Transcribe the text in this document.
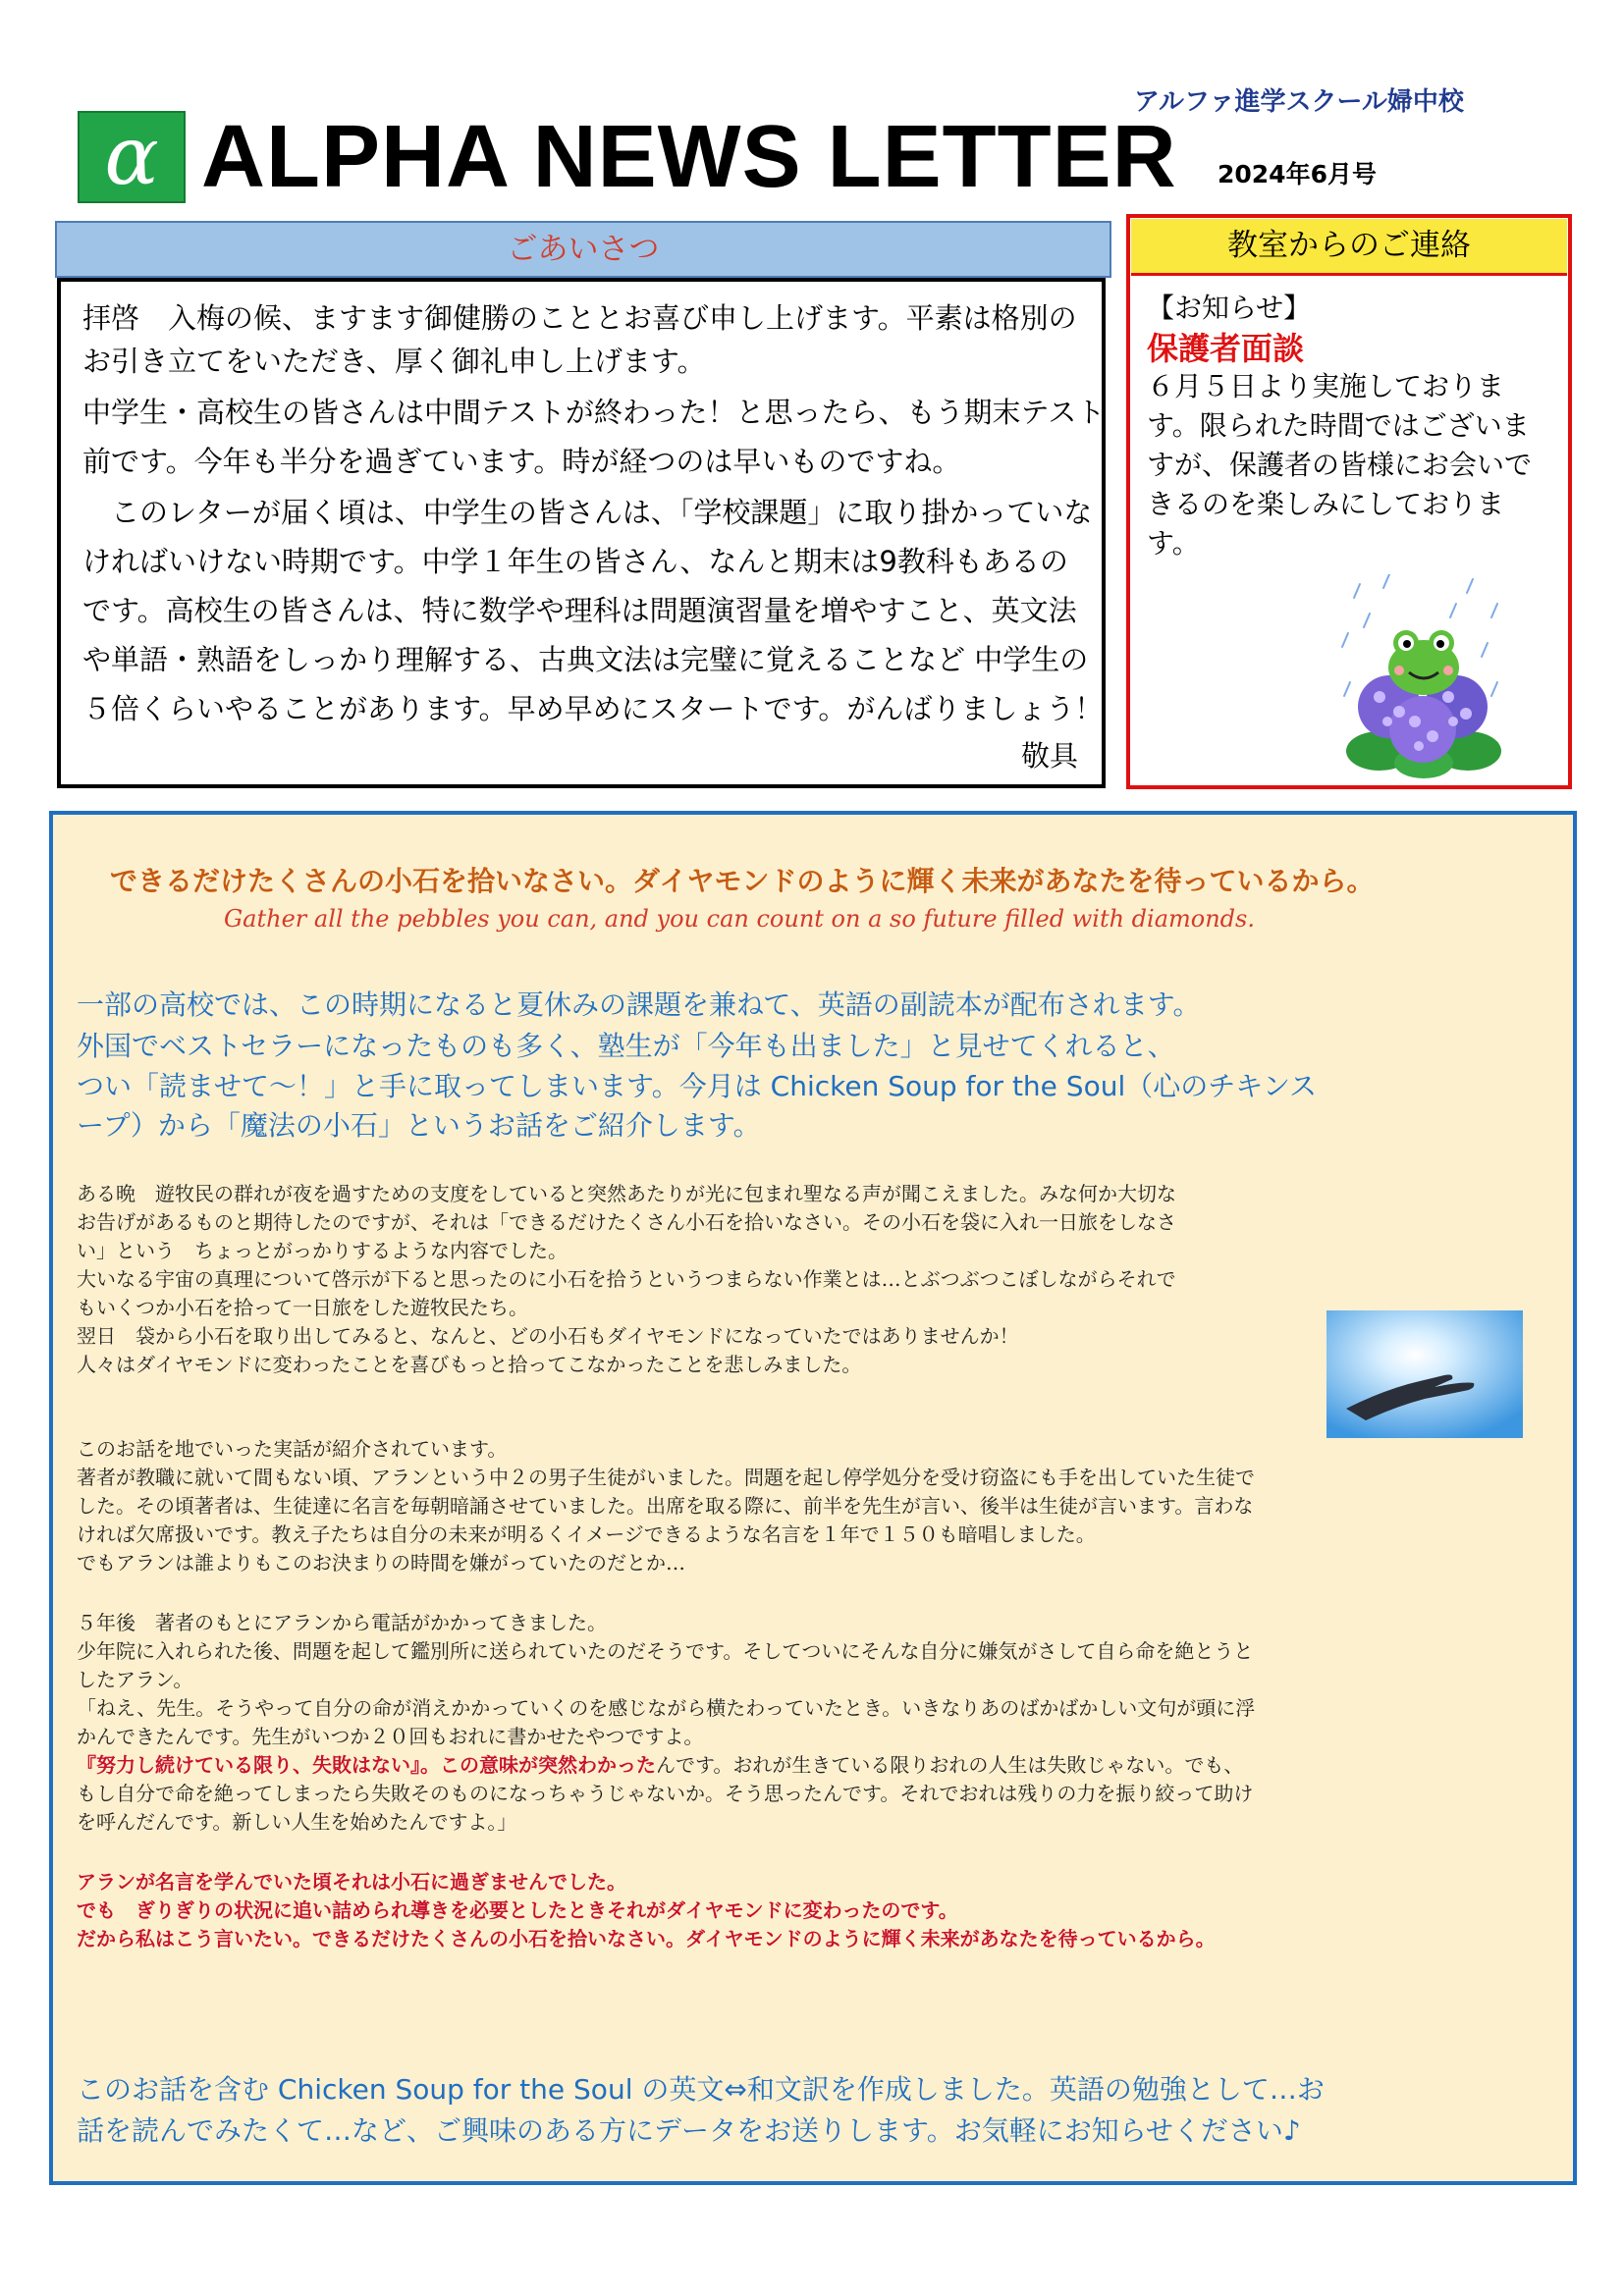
アルファ進学スクール婦中校
α ALPHA NEWS LETTER 2024年6月号
ごあいさつ
拝啓　入梅の候、ますます御健勝のこととお喜び申し上げます。平素は格別の
お引き立てをいただき、厚く御礼申し上げます。
中学生・高校生の皆さんは中間テストが終わった！と思ったら、もう期末テスト
前です。今年も半分を過ぎています。時が経つのは早いものですね。
　このレターが届く頃は、中学生の皆さんは、「学校課題」に取り掛かっていな
ければいけない時期です。中学１年生の皆さん、なんと期末は9教科もあるの
です。高校生の皆さんは、特に数学や理科は問題演習量を増やすこと、英文法
や単語・熟語をしっかり理解する、古典文法は完璧に覚えることなど 中学生の
５倍くらいやることがあります。早め早めにスタートです。がんばりましょう！
敬具
教室からのご連絡
【お知らせ】
保護者面談
６月５日より実施しておりま
す。限られた時間ではございま
すが、保護者の皆様にお会いで
きるのを楽しみにしておりま
す。
できるだけたくさんの小石を拾いなさい。ダイヤモンドのように輝く未来があなたを待っているから。
Gather all the pebbles you can, and you can count on a so future filled with diamonds.
一部の高校では、この時期になると夏休みの課題を兼ねて、英語の副読本が配布されます。
外国でベストセラーになったものも多く、塾生が「今年も出ました」と見せてくれると、
つい「読ませて～！」と手に取ってしまいます。今月は Chicken Soup for the Soul（心のチキンス
ープ）から「魔法の小石」というお話をご紹介します。
ある晩　遊牧民の群れが夜を過すための支度をしていると突然あたりが光に包まれ聖なる声が聞こえました。みな何か大切な
お告げがあるものと期待したのですが、それは「できるだけたくさん小石を拾いなさい。その小石を袋に入れ一日旅をしなさ
い」という　ちょっとがっかりするような内容でした。
大いなる宇宙の真理について啓示が下ると思ったのに小石を拾うというつまらない作業とは…とぶつぶつこぼしながらそれで
もいくつか小石を拾って一日旅をした遊牧民たち。
翌日　袋から小石を取り出してみると、なんと、どの小石もダイヤモンドになっていたではありませんか！
人々はダイヤモンドに変わったことを喜びもっと拾ってこなかったことを悲しみました。
このお話を地でいった実話が紹介されています。
著者が教職に就いて間もない頃、アランという中２の男子生徒がいました。問題を起し停学処分を受け窃盗にも手を出していた生徒で
した。その頃著者は、生徒達に名言を毎朝暗誦させていました。出席を取る際に、前半を先生が言い、後半は生徒が言います。言わな
ければ欠席扱いです。教え子たちは自分の未来が明るくイメージできるような名言を１年で１５０も暗唱しました。
でもアランは誰よりもこのお決まりの時間を嫌がっていたのだとか…
５年後　著者のもとにアランから電話がかかってきました。
少年院に入れられた後、問題を起して鑑別所に送られていたのだそうです。そしてついにそんな自分に嫌気がさして自ら命を絶とうと
したアラン。
「ねえ、先生。そうやって自分の命が消えかかっていくのを感じながら横たわっていたとき。いきなりあのばかばかしい文句が頭に浮
かんできたんです。先生がいつか２０回もおれに書かせたやつですよ。
『努力し続けている限り、失敗はない』。この意味が突然わかったんです。おれが生きている限りおれの人生は失敗じゃない。でも、
もし自分で命を絶ってしまったら失敗そのものになっちゃうじゃないか。そう思ったんです。それでおれは残りの力を振り絞って助け
を呼んだんです。新しい人生を始めたんですよ。」
アランが名言を学んでいた頃それは小石に過ぎませんでした。
でも　ぎりぎりの状況に追い詰められ導きを必要としたときそれがダイヤモンドに変わったのです。
だから私はこう言いたい。できるだけたくさんの小石を拾いなさい。ダイヤモンドのように輝く未来があなたを待っているから。
このお話を含む Chicken Soup for the Soul の英文⇔和文訳を作成しました。英語の勉強として…お
話を読んでみたくて…など、ご興味のある方にデータをお送りします。お気軽にお知らせください♪
